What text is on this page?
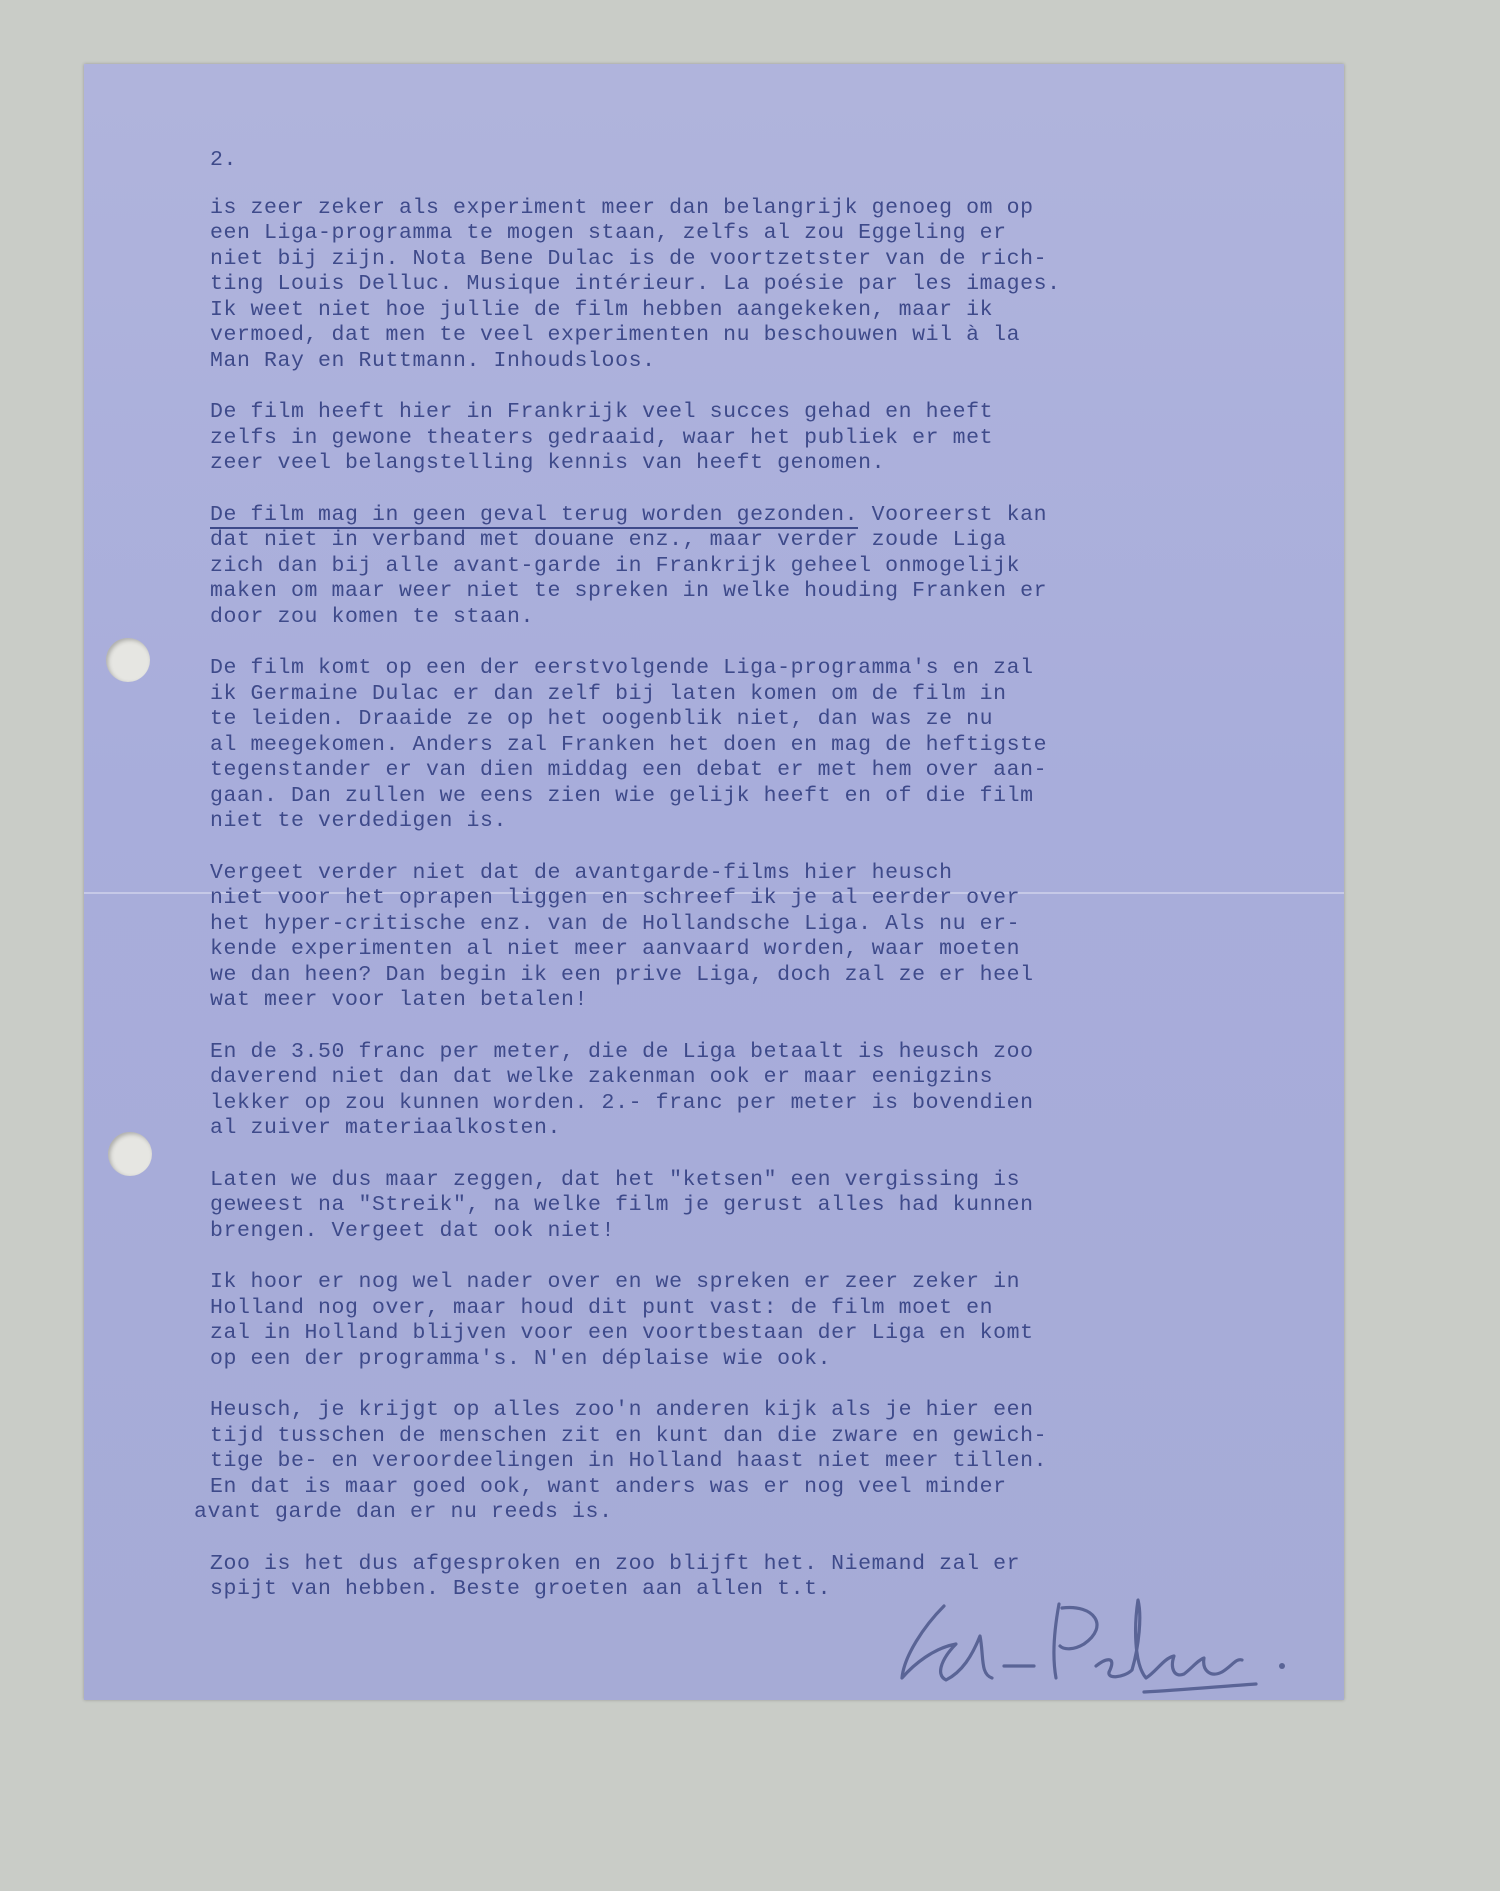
2.
is zeer zeker als experiment meer dan belangrijk genoeg om op
een Liga-programma te mogen staan, zelfs al zou Eggeling er
niet bij zijn. Nota Bene Dulac is de voortzetster van de rich-
ting Louis Delluc. Musique intérieur. La poésie par les images.
Ik weet niet hoe jullie de film hebben aangekeken, maar ik
vermoed, dat men te veel experimenten nu beschouwen wil à la
Man Ray en Ruttmann. Inhoudsloos.
De film heeft hier in Frankrijk veel succes gehad en heeft
zelfs in gewone theaters gedraaid, waar het publiek er met
zeer veel belangstelling kennis van heeft genomen.
De film mag in geen geval terug worden gezonden. Vooreerst kan
dat niet in verband met douane enz., maar verder zoude Liga
zich dan bij alle avant-garde in Frankrijk geheel onmogelijk
maken om maar weer niet te spreken in welke houding Franken er
door zou komen te staan.
De film komt op een der eerstvolgende Liga-programma's en zal
ik Germaine Dulac er dan zelf bij laten komen om de film in
te leiden. Draaide ze op het oogenblik niet, dan was ze nu
al meegekomen. Anders zal Franken het doen en mag de heftigste
tegenstander er van dien middag een debat er met hem over aan-
gaan. Dan zullen we eens zien wie gelijk heeft en of die film
niet te verdedigen is.
Vergeet verder niet dat de avantgarde-films hier heusch
niet voor het oprapen liggen en schreef ik je al eerder over
het hyper-critische enz. van de Hollandsche Liga. Als nu er-
kende experimenten al niet meer aanvaard worden, waar moeten
we dan heen? Dan begin ik een prive Liga, doch zal ze er heel
wat meer voor laten betalen!
En de 3.50 franc per meter, die de Liga betaalt is heusch zoo
daverend niet dan dat welke zakenman ook er maar eenigzins
lekker op zou kunnen worden. 2.- franc per meter is bovendien
al zuiver materiaalkosten.
Laten we dus maar zeggen, dat het "ketsen" een vergissing is
geweest na "Streik", na welke film je gerust alles had kunnen
brengen. Vergeet dat ook niet!
Ik hoor er nog wel nader over en we spreken er zeer zeker in
Holland nog over, maar houd dit punt vast: de film moet en
zal in Holland blijven voor een voortbestaan der Liga en komt
op een der programma's. N'en déplaise wie ook.
Heusch, je krijgt op alles zoo'n anderen kijk als je hier een
tijd tusschen de menschen zit en kunt dan die zware en gewich-
tige be- en veroordeelingen in Holland haast niet meer tillen.
En dat is maar goed ook, want anders was er nog veel minder
avant garde dan er nu reeds is.
Zoo is het dus afgesproken en zoo blijft het. Niemand zal er
spijt van hebben. Beste groeten aan allen t.t.
